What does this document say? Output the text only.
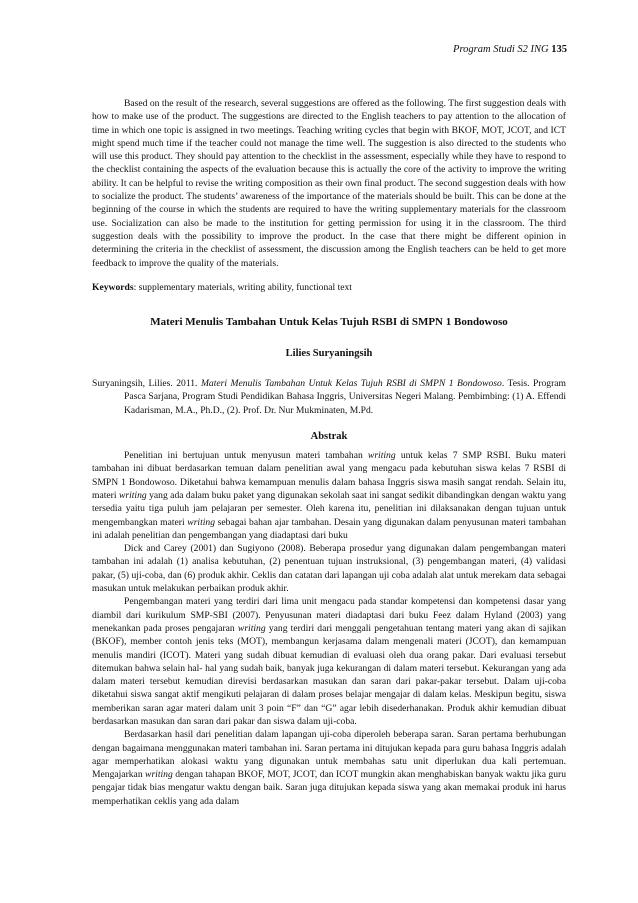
Program Studi S2 ING 135

Based on the result of the research, several suggestions are offered as the following. The first suggestion deals with how to make use of the product. The suggestions are directed to the English teachers to pay attention to the allocation of time in which one topic is assigned in two meetings. Teaching writing cycles that begin with BKOF, MOT, JCOT, and ICT might spend much time if the teacher could not manage the time well. The suggestion is also directed to the students who will use this product. They should pay attention to the checklist in the assessment, especially while they have to respond to the checklist containing the aspects of the evaluation because this is actually the core of the activity to improve the writing ability. It can be helpful to revise the writing composition as their own final product. The second suggestion deals with how to socialize the product. The students’ awareness of the importance of the materials should be built. This can be done at the beginning of the course in which the students are required to have the writing supplementary materials for the classroom use. Socialization can also be made to the institution for getting permission for using it in the classroom. The third suggestion deals with the possibility to improve the product. In the case that there might be different opinion in determining the criteria in the checklist of assessment, the discussion among the English teachers can be held to get more feedback to improve the quality of the materials.

Keywords: supplementary materials, writing ability, functional text

Materi Menulis Tambahan Untuk Kelas Tujuh RSBI di SMPN 1 Bondowoso
Lilies Suryaningsih

Suryaningsih, Lilies. 2011. Materi Menulis Tambahan Untuk Kelas Tujuh RSBI di SMPN 1 Bondowoso. Tesis. Program Pasca Sarjana, Program Studi Pendidikan Bahasa Inggris, Universitas Negeri Malang. Pembimbing: (1) A. Effendi Kadarisman, M.A., Ph.D., (2). Prof. Dr. Nur Mukminaten, M.Pd.

Abstrak

Penelitian ini bertujuan untuk menyusun materi tambahan writing untuk kelas 7 SMP RSBI. Buku materi tambahan ini dibuat berdasarkan temuan dalam penelitian awal yang mengacu pada kebutuhan siswa kelas 7 RSBI di SMPN 1 Bondowoso. Diketahui bahwa kemampuan menulis dalam bahasa Inggris siswa masih sangat rendah. Selain itu, materi writing yang ada dalam buku paket yang digunakan sekolah saat ini sangat sedikit dibandingkan dengan waktu yang tersedia yaitu tiga puluh jam pelajaran per semester. Oleh karena itu, penelitian ini dilaksanakan dengan tujuan untuk mengembangkan materi writing sebagai bahan ajar tambahan. Desain yang digunakan dalam penyusunan materi tambahan ini adalah penelitian dan pengembangan yang diadaptasi dari buku

Dick and Carey (2001) dan Sugiyono (2008). Beberapa prosedur yang digunakan dalam pengembangan materi tambahan ini adalah (1) analisa kebutuhan, (2) penentuan tujuan instruksional, (3) pengembangan materi, (4) validasi pakar, (5) uji-coba, dan (6) produk akhir. Ceklis dan catatan dari lapangan uji coba adalah alat untuk merekam data sebagai masukan untuk melakukan perbaikan produk akhir.

Pengembangan materi yang terdiri dari lima unit mengacu pada standar kompetensi dan kompetensi dasar yang diambil dari kurikulum SMP-SBI (2007). Penyusunan materi diadaptasi dari buku Feez dalam Hyland (2003) yang menekankan pada proses pengajaran writing yang terdiri dari menggali pengetahuan tentang materi yang akan di sajikan (BKOF), member contoh jenis teks (MOT), membangun kerjasama dalam mengenali materi (JCOT), dan kemampuan menulis mandiri (ICOT). Materi yang sudah dibuat kemudian di evaluasi oleh dua orang pakar. Dari evaluasi tersebut ditemukan bahwa selain hal- hal yang sudah baik, banyak juga kekurangan di dalam materi tersebut. Kekurangan yang ada dalam materi tersebut kemudian direvisi berdasarkan masukan dan saran dari pakar-pakar tersebut. Dalam uji-coba diketahui siswa sangat aktif mengikuti pelajaran di dalam proses belajar mengajar di dalam kelas. Meskipun begitu, siswa memberikan saran agar materi dalam unit 3 poin “F” dan “G” agar lebih disederhanakan. Produk akhir kemudian dibuat berdasarkan masukan dan saran dari pakar dan siswa dalam uji-coba.

Berdasarkan hasil dari penelitian dalam lapangan uji-coba diperoleh beberapa saran. Saran pertama berhubungan dengan bagaimana menggunakan materi tambahan ini. Saran pertama ini ditujukan kepada para guru bahasa Inggris adalah agar memperhatikan alokasi waktu yang digunakan untuk membahas satu unit diperlukan dua kali pertemuan. Mengajarkan writing dengan tahapan BKOF, MOT, JCOT, dan ICOT mungkin akan menghabiskan banyak waktu jika guru pengajar tidak bias mengatur waktu dengan baik. Saran juga ditujukan kepada siswa yang akan memakai produk ini harus memperhatikan ceklis yang ada dalam
